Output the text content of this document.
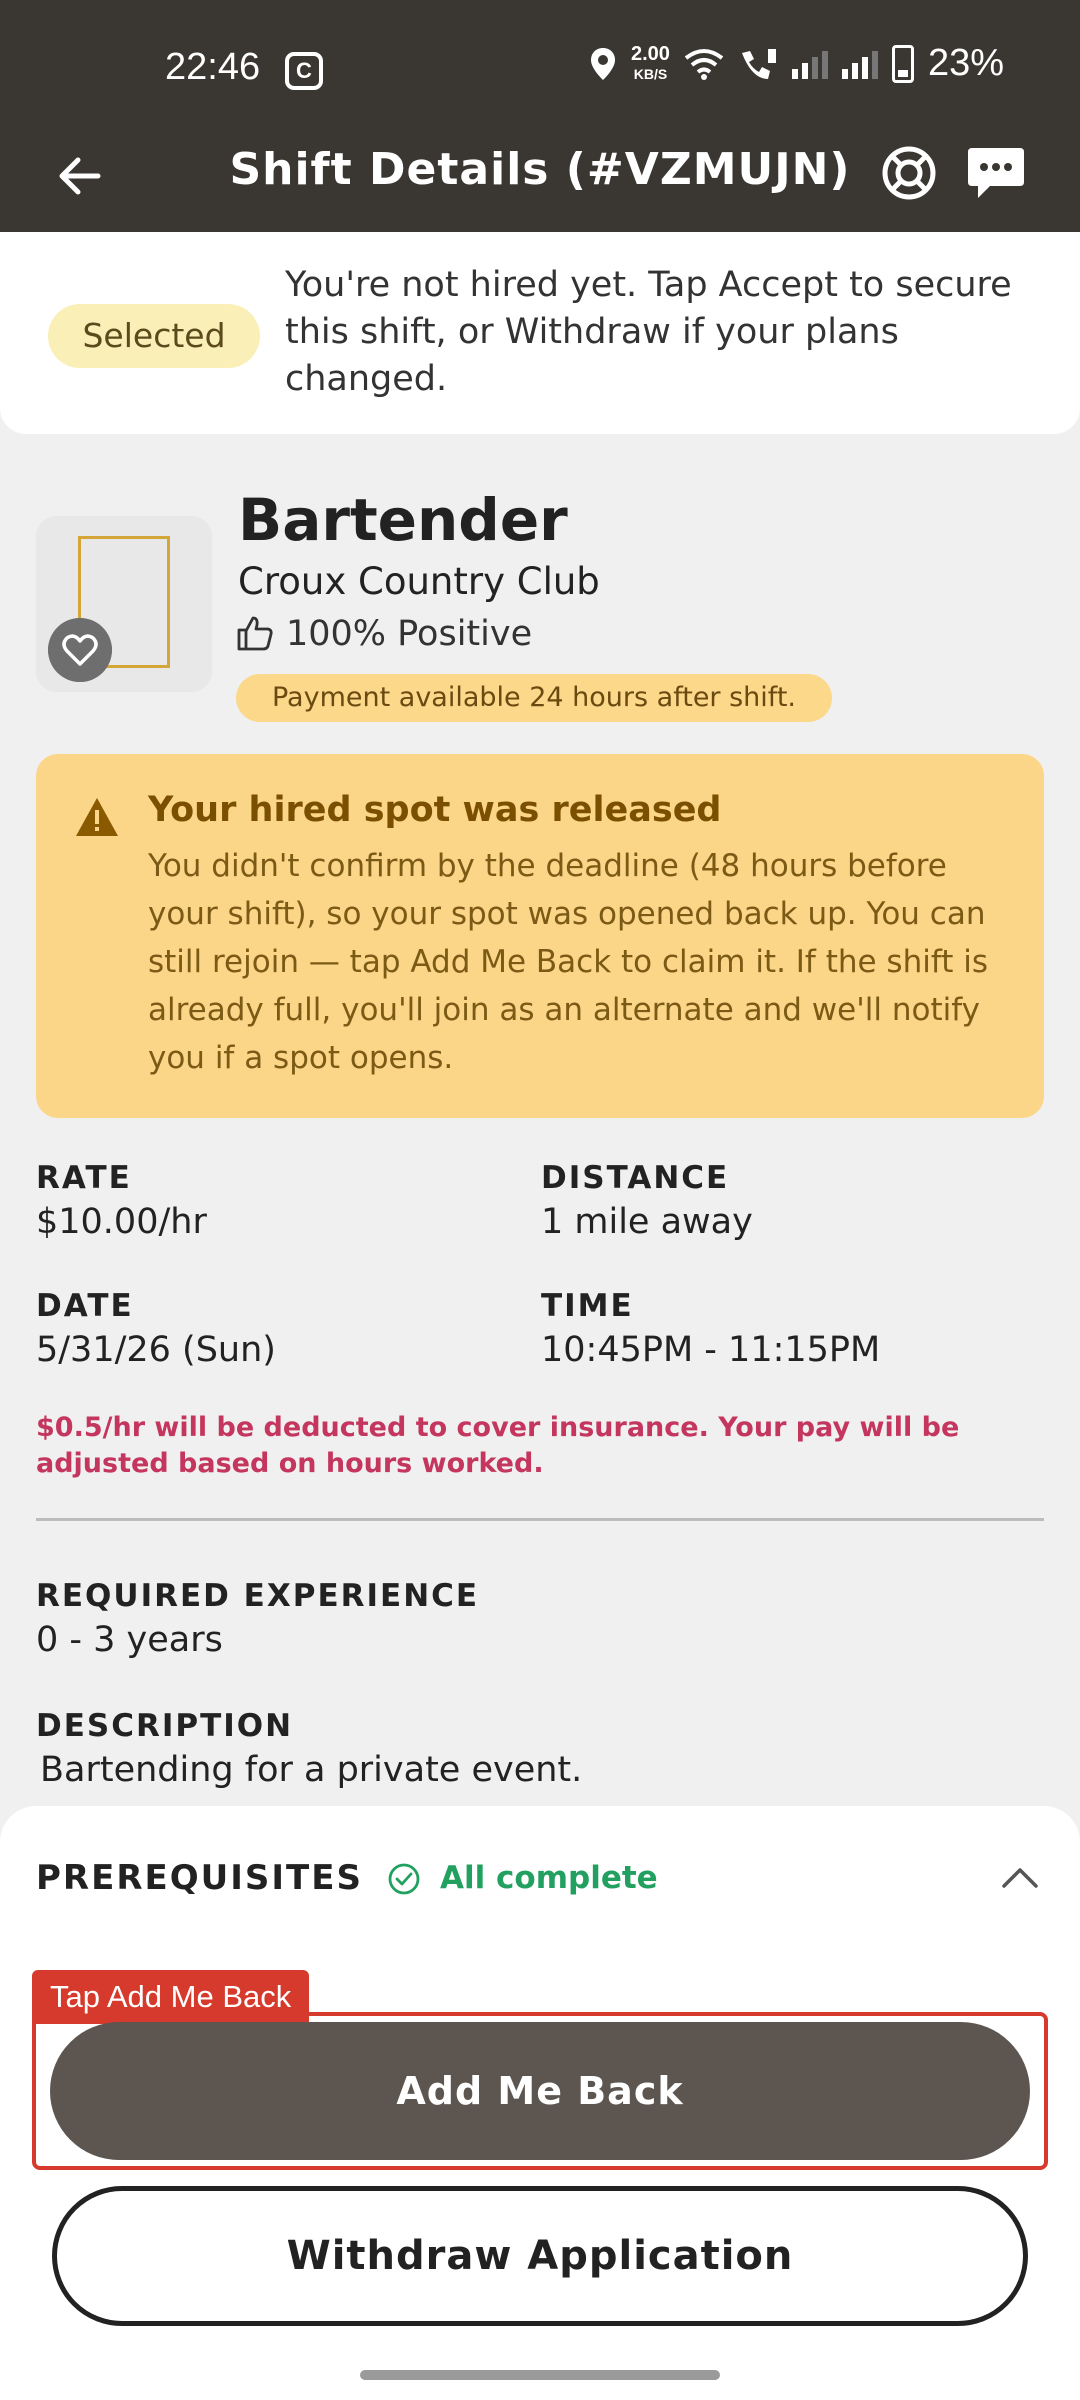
22:46	C
2.00
KB/S	23%
Shift Details (#VZMUJN)
Selected
You're not hired yet. Tap Accept to secure this shift, or Withdraw if your plans changed.
Bartender
Croux Country Club
100% Positive
Payment available 24 hours after shift.
Your hired spot was released
You didn't confirm by the deadline (48 hours before your shift), so your spot was opened back up. You can still rejoin — tap Add Me Back to claim it. If the shift is already full, you'll join as an alternate and we'll notify you if a spot opens.
RATE
$10.00/hr
DISTANCE
1 mile away
DATE
5/31/26 (Sun)
TIME
10:45PM - 11:15PM
$0.5/hr will be deducted to cover insurance. Your pay will be adjusted based on hours worked.
REQUIRED EXPERIENCE
0 - 3 years
DESCRIPTION
Bartending for a private event.
PREREQUISITES All complete
Tap Add Me Back
Add Me Back
Withdraw Application
